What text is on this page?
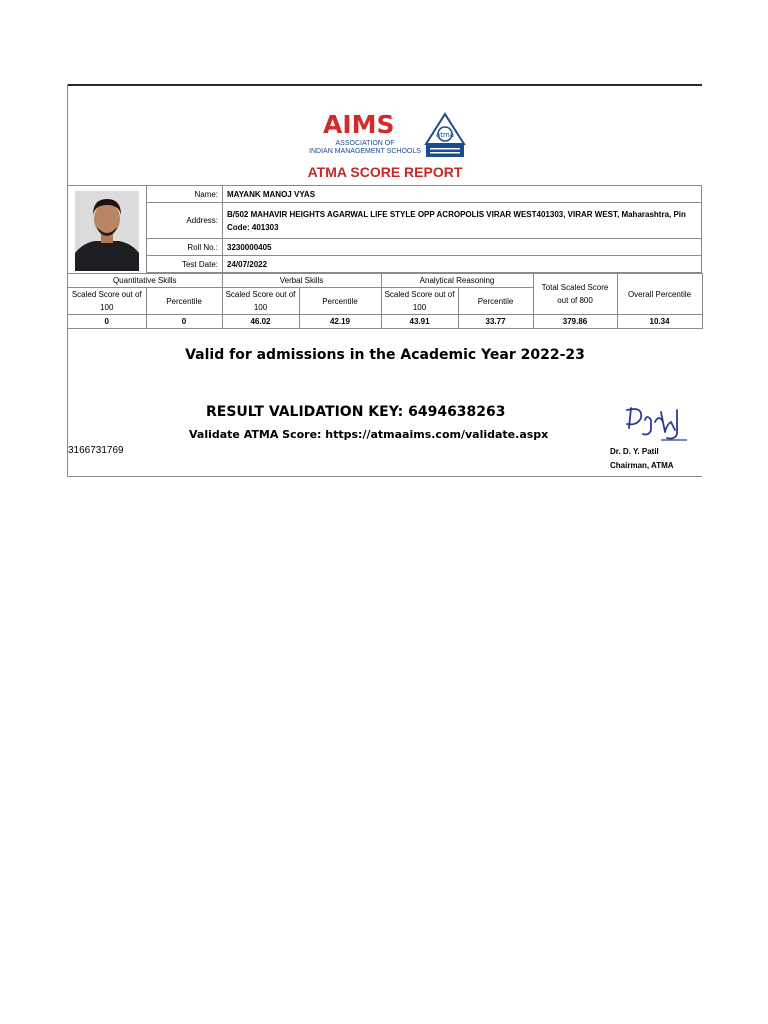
AIMS
ASSOCIATION OF
INDIAN MANAGEMENT SCHOOLS
atma
ATMA SCORE REPORT
Name:	MAYANK MANOJ VYAS
Address:	B/502 MAHAVIR HEIGHTS AGARWAL LIFE STYLE OPP ACROPOLIS VIRAR WEST401303, VIRAR WEST, Maharashtra, Pin Code: 401303
Roll No.:	3230000405
Test Date:	24/07/2022
Quantitative Skills		Verbal Skills		Analytical Reasoning		Total Scaled Score out of 800	Overall Percentile
Scaled Score out of 100	Percentile	Scaled Score out of 100	Percentile	Scaled Score out of 100	Percentile		
0	0	46.02	42.19	43.91	33.77	379.86	10.34
Valid for admissions in the Academic Year 2022-23
RESULT VALIDATION KEY: 6494638263
Validate ATMA Score: https://atmaaims.com/validate.aspx
3166731769	Dr. D. Y. Patil
Chairman, ATMA
